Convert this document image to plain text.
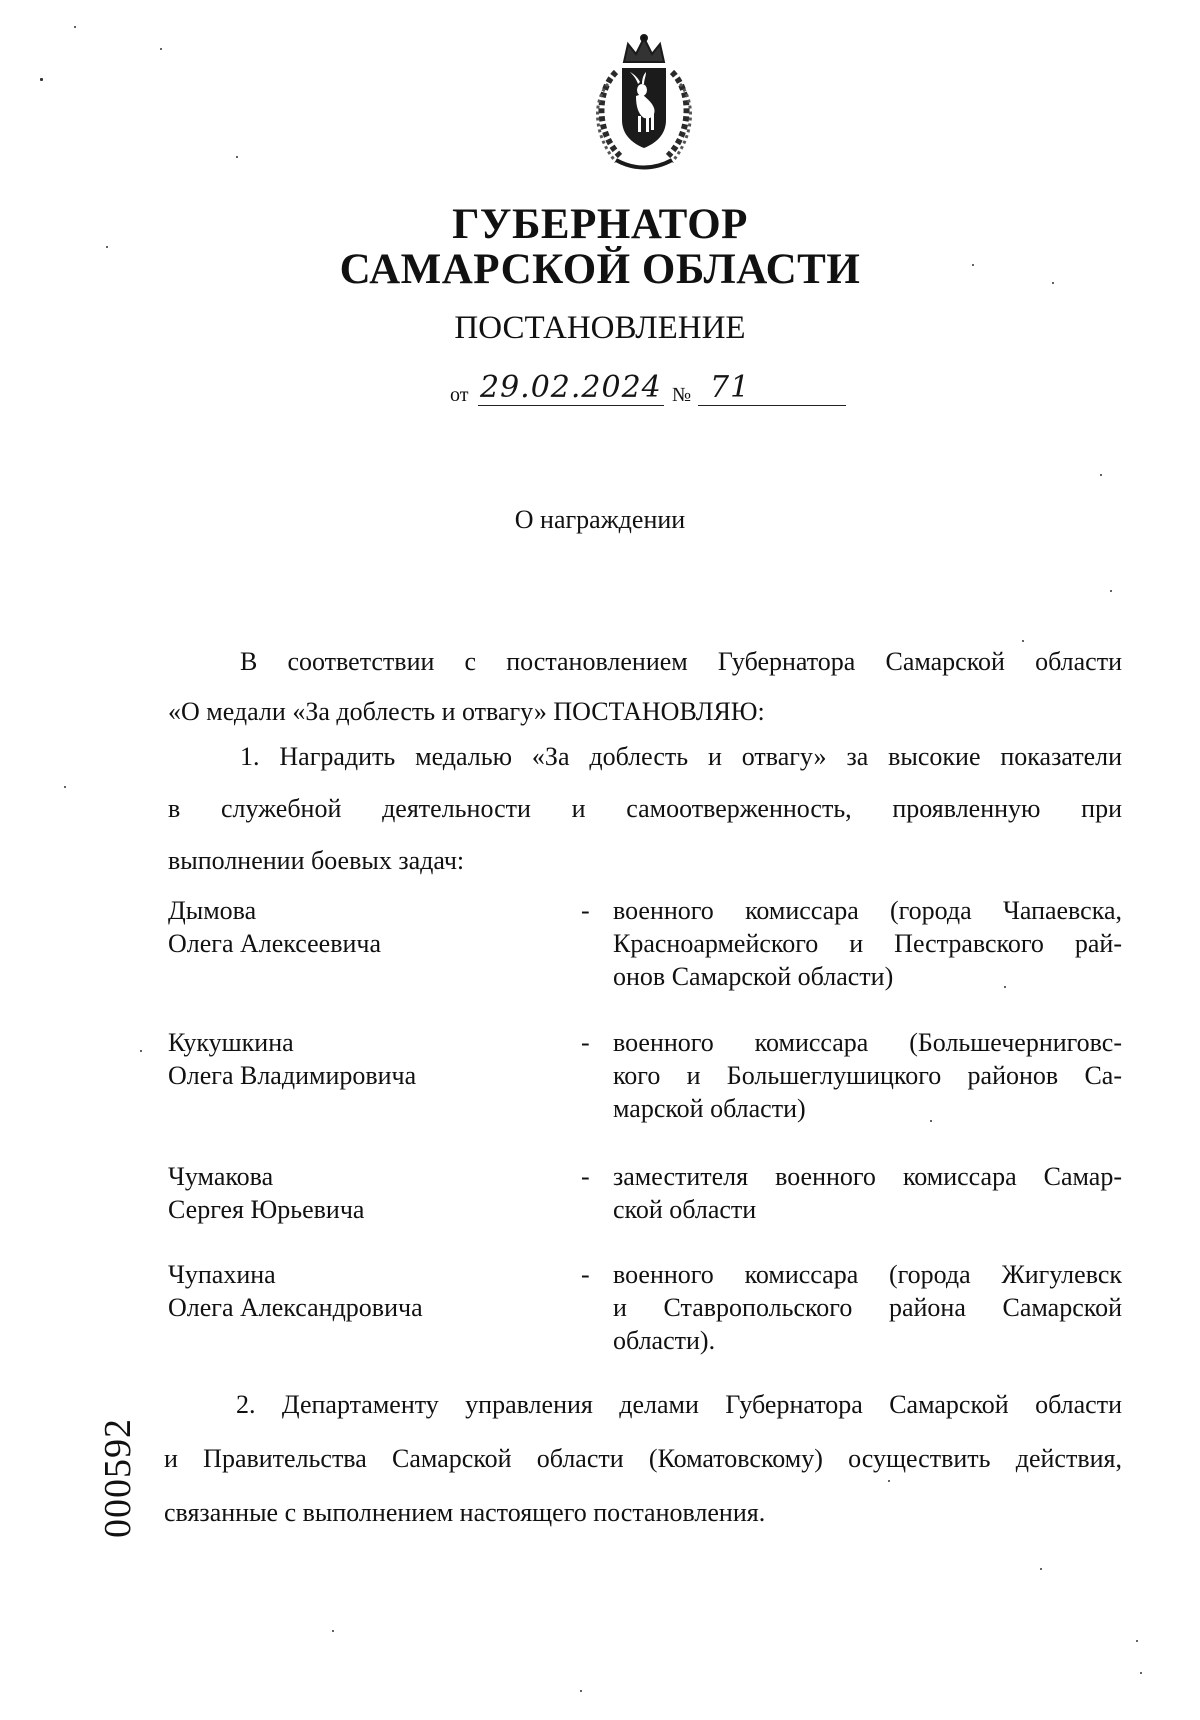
ГУБЕРНАТОР
САМАРСКОЙ ОБЛАСТИ
ПОСТАНОВЛЕНИЕ
от 29.02.2024 № 71
О награждении
В соответствии с постановлением Губернатора Самарской области
«О медали «За доблесть и отвагу» ПОСТАНОВЛЯЮ:
1. Наградить медалью «За доблесть и отвагу» за высокие показатели
в служебной деятельности и самоотверженность, проявленную при
выполнении боевых задач:
Дымова
Олега Алексеевича
- военного комиссара (города Чапаевска,
Красноармейского и Пестравского рай-
онов Самарской области)
Кукушкина
Олега Владимировича
- военного комиссара (Большечерниговс-
кого и Большеглушицкого районов Са-
марской области)
Чумакова
Сергея Юрьевича
- заместителя военного комиссара Самар-
ской области
Чупахина
Олега Александровича
- военного комиссара (города Жигулевск
и Ставропольского района Самарской
области).
2. Департаменту управления делами Губернатора Самарской области
и Правительства Самарской области (Коматовскому) осуществить действия,
связанные с выполнением настоящего постановления.
000592
